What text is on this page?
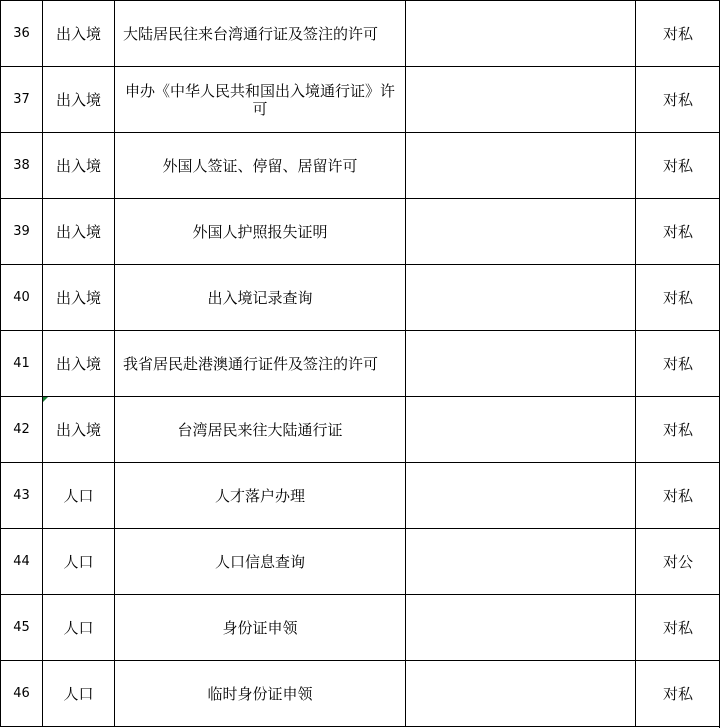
36	出入境	大陆居民往来台湾通行证及签注的许可		对私
37	出入境	申办《中华人民共和国出入境通行证》许可		对私
38	出入境	外国人签证、停留、居留许可		对私
39	出入境	外国人护照报失证明		对私
40	出入境	出入境记录查询		对私
41	出入境	我省居民赴港澳通行证件及签注的许可		对私
42	出入境	台湾居民来往大陆通行证		对私
43	人口	人才落户办理		对私
44	人口	人口信息查询		对公
45	人口	身份证申领		对私
46	人口	临时身份证申领		对私
